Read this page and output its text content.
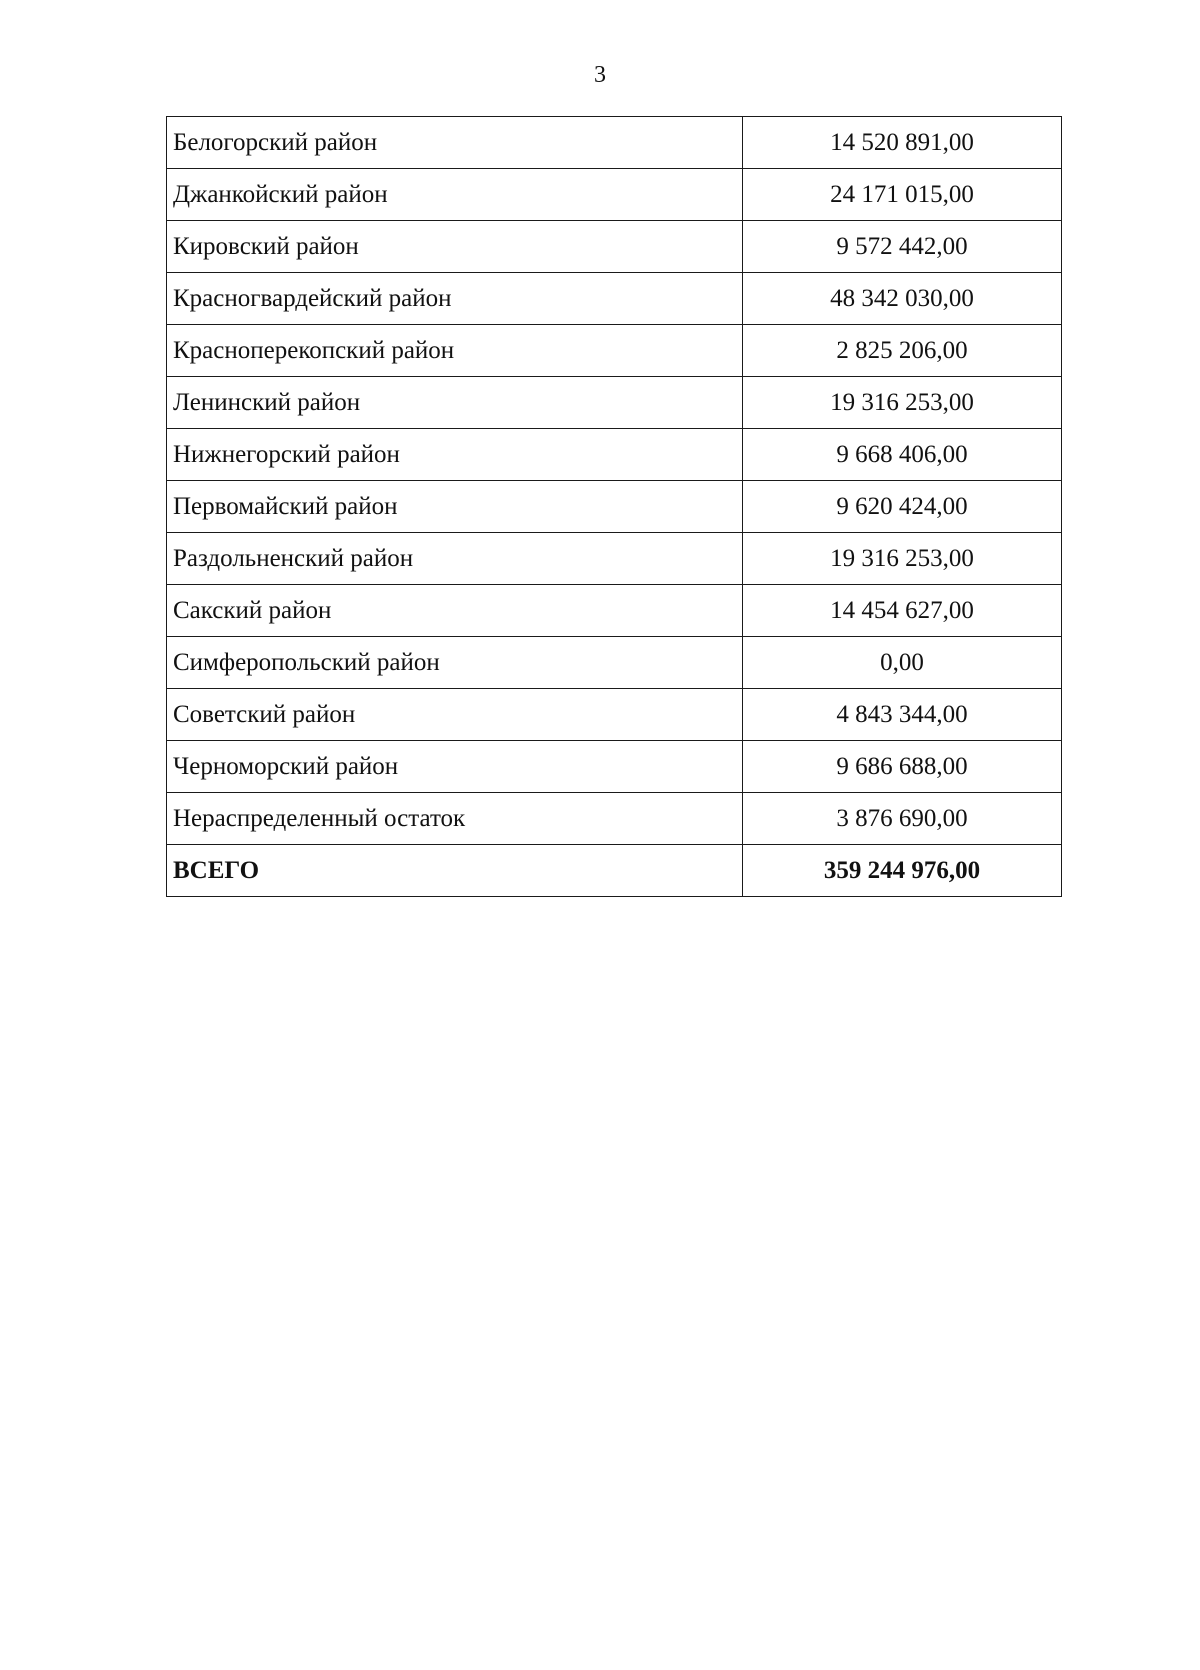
3
Белогорский район	14 520 891,00
Джанкойский район	24 171 015,00
Кировский район	9 572 442,00
Красногвардейский район	48 342 030,00
Красноперекопский район	2 825 206,00
Ленинский район	19 316 253,00
Нижнегорский район	9 668 406,00
Первомайский район	9 620 424,00
Раздольненский район	19 316 253,00
Сакский район	14 454 627,00
Симферопольский район	0,00
Советский район	4 843 344,00
Черноморский район	9 686 688,00
Нераспределенный остаток	3 876 690,00
ВСЕГО	359 244 976,00
